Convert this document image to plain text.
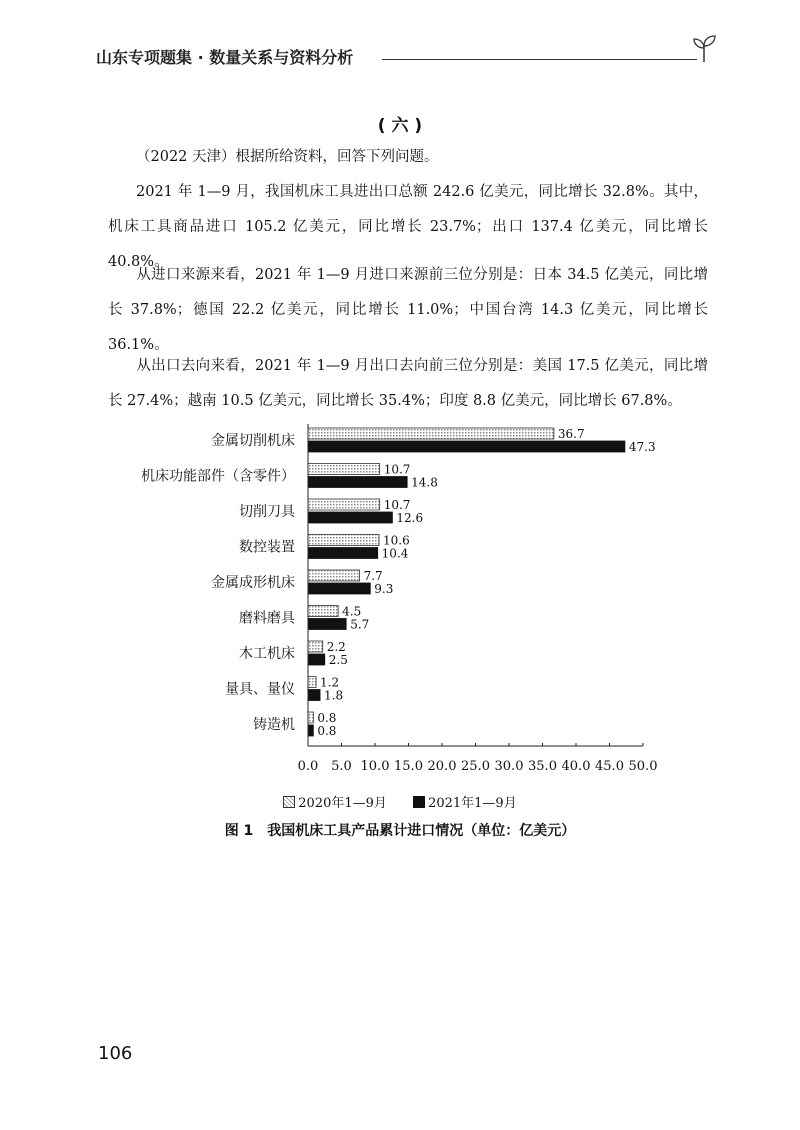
山东专项题集 · 数量关系与资料分析
( 六 )

（2022 天津）根据所给资料，回答下列问题。

2021 年 1—9 月，我国机床工具进出口总额 242.6 亿美元，同比增长 32.8%。其中，机床工具商品进口 105.2 亿美元，同比增长 23.7%；出口 137.4 亿美元，同比增长 40.8%。

从进口来源来看，2021 年 1—9 月进口来源前三位分别是：日本 34.5 亿美元，同比增长 37.8%；德国 22.2 亿美元，同比增长 11.0%；中国台湾 14.3 亿美元，同比增长 36.1%。

从出口去向来看，2021 年 1—9 月出口去向前三位分别是：美国 17.5 亿美元，同比增长 27.4%；越南 10.5 亿美元，同比增长 35.4%；印度 8.8 亿美元，同比增长 67.8%。

金属切削机床	36.7
47.3
机床功能部件（含零件）	10.7
14.8
切削刀具	10.7
12.6
数控装置	10.6
10.4
金属成形机床	7.7
9.3
磨料磨具	4.5
5.7
木工机床	2.2
2.5
量具、量仪 1.2
1.8
铸造机 0.8
0.8
0.0 5.0 10.0 15.0 20.0 25.0 30.0 35.0 40.0 45.0 50.0
2020年1—9月	2021年1—9月
图 1　我国机床工具产品累计进口情况（单位：亿美元）
106
